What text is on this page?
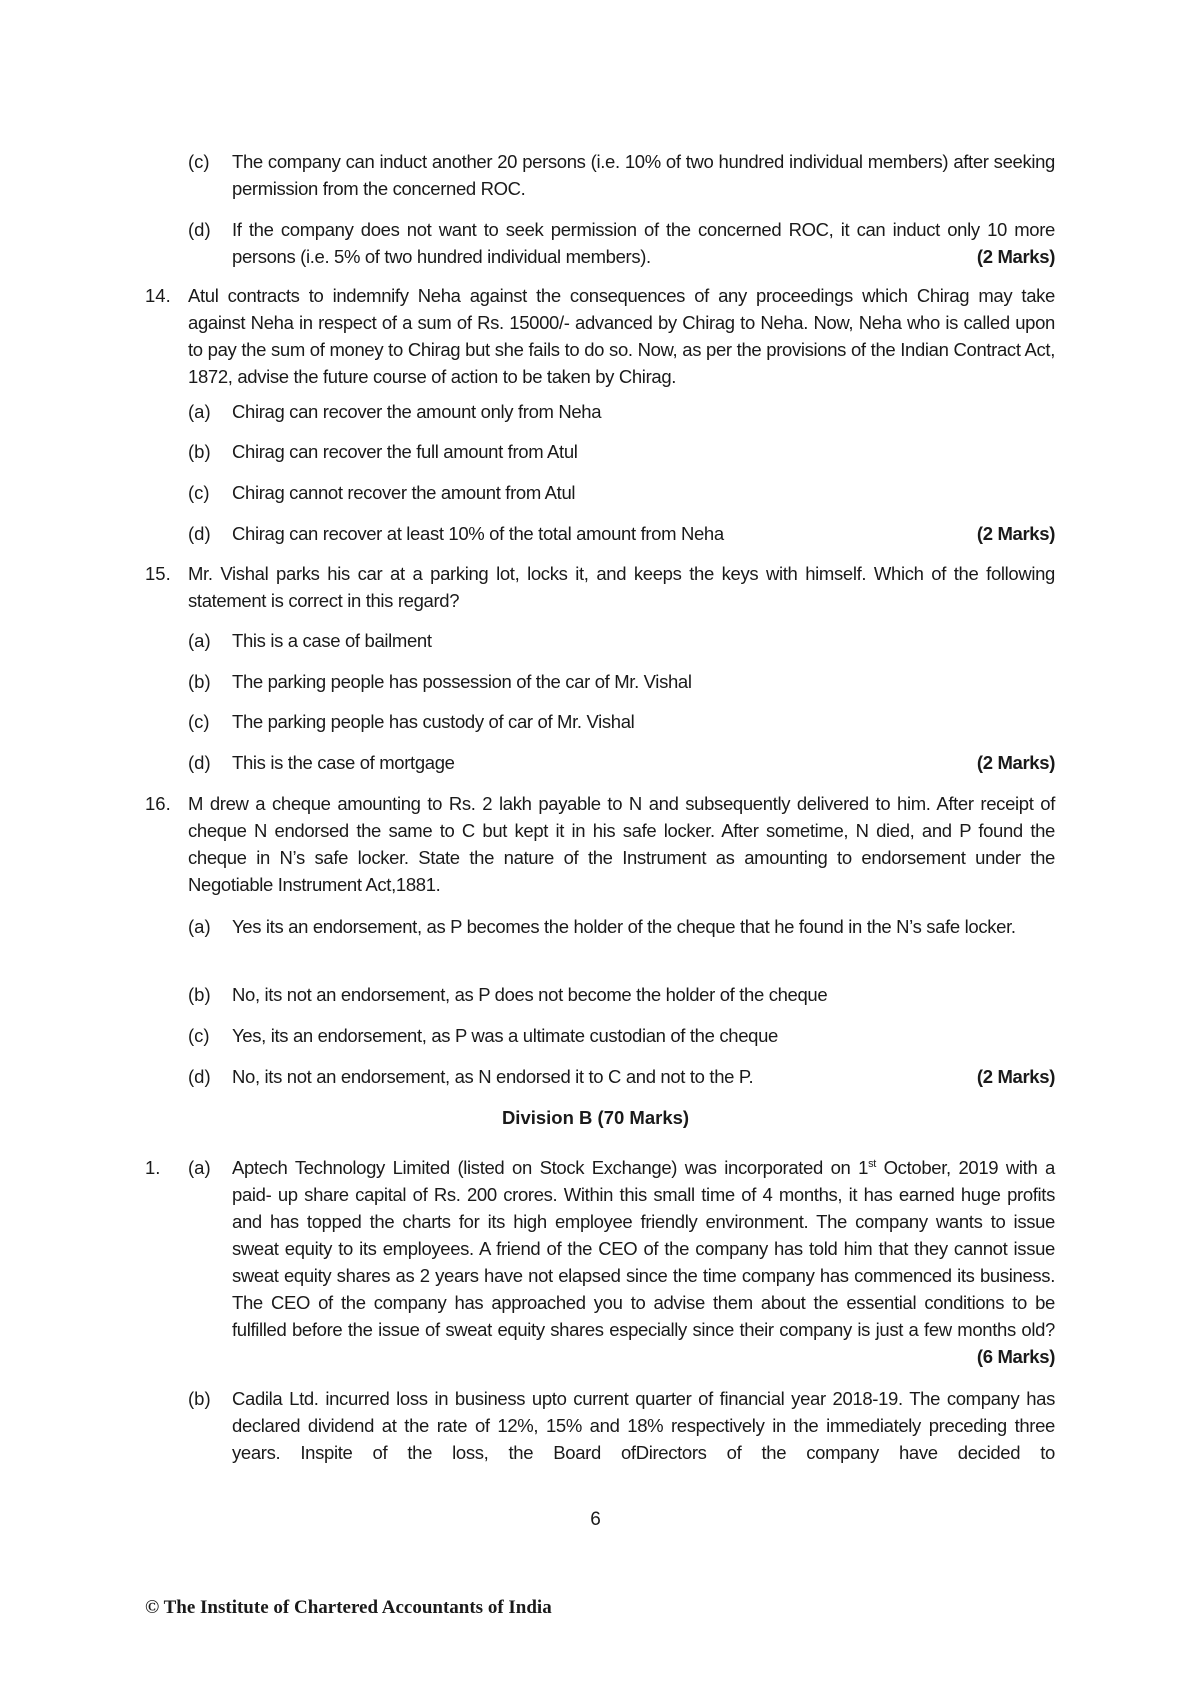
(c) The company can induct another 20 persons (i.e. 10% of two hundred individual members) after seeking permission from the concerned ROC.
(d) If the company does not want to seek permission of the concerned ROC, it can induct only 10 more persons (i.e. 5% of two hundred individual members).	(2 Marks)
14. Atul contracts to indemnify Neha against the consequences of any proceedings which Chirag may take against Neha in respect of a sum of Rs. 15000/- advanced by Chirag to Neha. Now, Neha who is called upon to pay the sum of money to Chirag but she fails to do so. Now, as per the provisions of the Indian Contract Act, 1872, advise the future course of action to be taken by Chirag.
(a) Chirag can recover the amount only from Neha
(b) Chirag can recover the full amount from Atul
(c) Chirag cannot recover the amount from Atul
(d) Chirag can recover at least 10% of the total amount from Neha	(2 Marks)
15. Mr. Vishal parks his car at a parking lot, locks it, and keeps the keys with himself. Which of the following statement is correct in this regard?
(a) This is a case of bailment
(b) The parking people has possession of the car of Mr. Vishal
(c) The parking people has custody of car of Mr. Vishal
(d) This is the case of mortgage	(2 Marks)
16. M drew a cheque amounting to Rs. 2 lakh payable to N and subsequently delivered to him. After receipt of cheque N endorsed the same to C but kept it in his safe locker. After sometime, N died, and P found the cheque in N’s safe locker. State the nature of the Instrument as amounting to endorsement under the Negotiable Instrument Act,1881.
(a) Yes its an endorsement, as P becomes the holder of the cheque that he found in the N’s safe locker.
(b) No, its not an endorsement, as P does not become the holder of the cheque
(c) Yes, its an endorsement, as P was a ultimate custodian of the cheque
(d) No, its not an endorsement, as N endorsed it to C and not to the P.	(2 Marks)
Division B (70 Marks)
1. (a) Aptech Technology Limited (listed on Stock Exchange) was incorporated on 1st October, 2019 with a paid- up share capital of Rs. 200 crores. Within this small time of 4 months, it has earned huge profits and has topped the charts for its high employee friendly environment. The company wants to issue sweat equity to its employees. A friend of the CEO of the company has told him that they cannot issue sweat equity shares as 2 years have not elapsed since the time company has commenced its business. The CEO of the company has approached you to advise them about the essential conditions to be fulfilled before the issue of sweat equity shares especially since their company is just a few months old?
(6 Marks)
(b) Cadila Ltd. incurred loss in business upto current quarter of financial year 2018-19. The company has declared dividend at the rate of 12%, 15% and 18% respectively in the immediately preceding three years. Inspite of the loss, the Board ofDirectors of the company have decided to
6
© The Institute of Chartered Accountants of India
